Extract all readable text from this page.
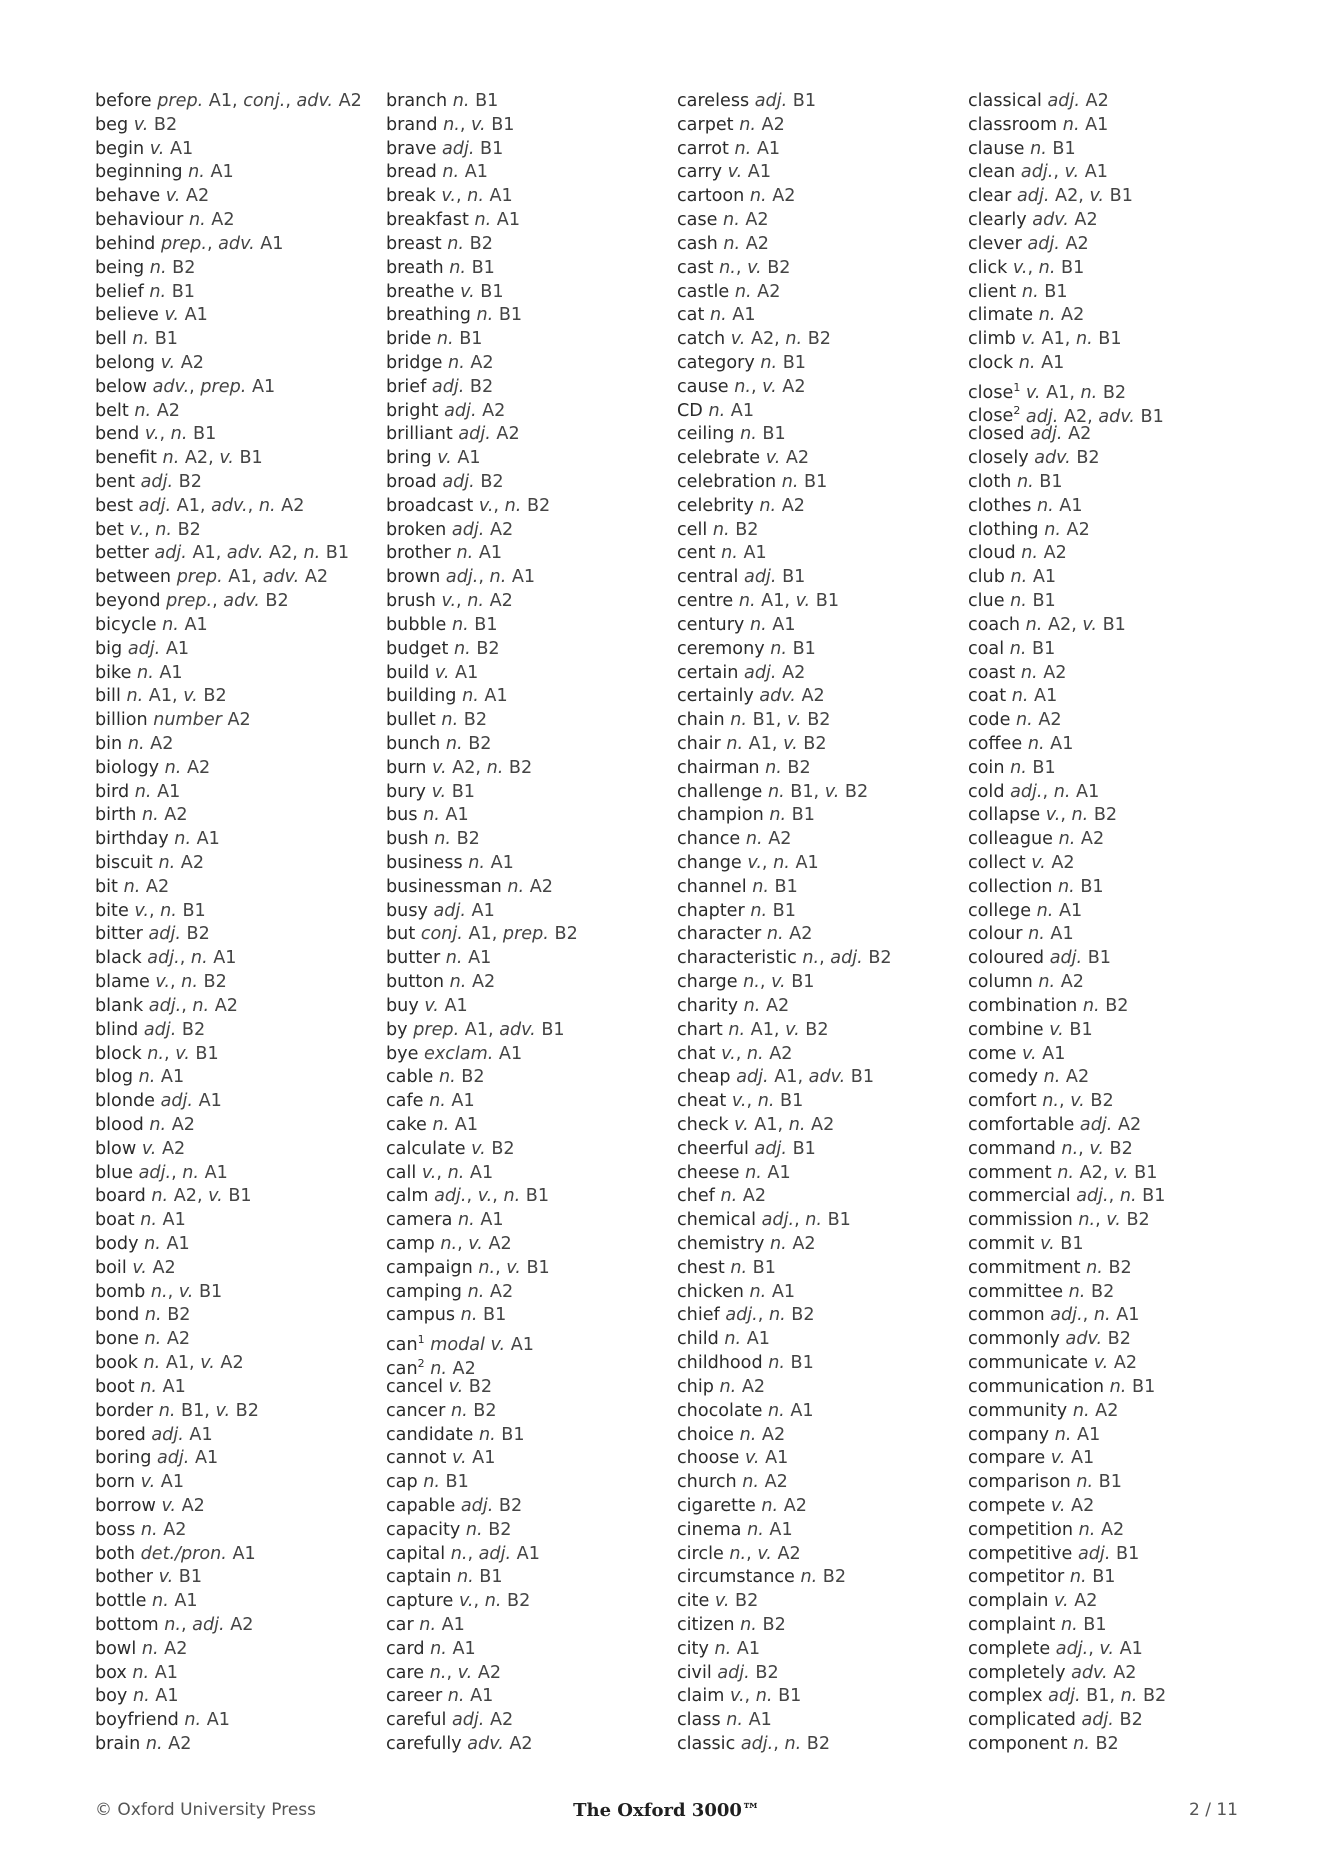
before prep. A1, conj., adv. A2
beg v. B2
begin v. A1
beginning n. A1
behave v. A2
behaviour n. A2
behind prep., adv. A1
being n. B2
belief n. B1
believe v. A1
bell n. B1
belong v. A2
below adv., prep. A1
belt n. A2
bend v., n. B1
benefit n. A2, v. B1
bent adj. B2
best adj. A1, adv., n. A2
bet v., n. B2
better adj. A1, adv. A2, n. B1
between prep. A1, adv. A2
beyond prep., adv. B2
bicycle n. A1
big adj. A1
bike n. A1
bill n. A1, v. B2
billion number A2
bin n. A2
biology n. A2
bird n. A1
birth n. A2
birthday n. A1
biscuit n. A2
bit n. A2
bite v., n. B1
bitter adj. B2
black adj., n. A1
blame v., n. B2
blank adj., n. A2
blind adj. B2
block n., v. B1
blog n. A1
blonde adj. A1
blood n. A2
blow v. A2
blue adj., n. A1
board n. A2, v. B1
boat n. A1
body n. A1
boil v. A2
bomb n., v. B1
bond n. B2
bone n. A2
book n. A1, v. A2
boot n. A1
border n. B1, v. B2
bored adj. A1
boring adj. A1
born v. A1
borrow v. A2
boss n. A2
both det./pron. A1
bother v. B1
bottle n. A1
bottom n., adj. A2
bowl n. A2
box n. A1
boy n. A1
boyfriend n. A1
brain n. A2
branch n. B1
brand n., v. B1
brave adj. B1
bread n. A1
break v., n. A1
breakfast n. A1
breast n. B2
breath n. B1
breathe v. B1
breathing n. B1
bride n. B1
bridge n. A2
brief adj. B2
bright adj. A2
brilliant adj. A2
bring v. A1
broad adj. B2
broadcast v., n. B2
broken adj. A2
brother n. A1
brown adj., n. A1
brush v., n. A2
bubble n. B1
budget n. B2
build v. A1
building n. A1
bullet n. B2
bunch n. B2
burn v. A2, n. B2
bury v. B1
bus n. A1
bush n. B2
business n. A1
businessman n. A2
busy adj. A1
but conj. A1, prep. B2
butter n. A1
button n. A2
buy v. A1
by prep. A1, adv. B1
bye exclam. A1
cable n. B2
cafe n. A1
cake n. A1
calculate v. B2
call v., n. A1
calm adj., v., n. B1
camera n. A1
camp n., v. A2
campaign n., v. B1
camping n. A2
campus n. B1
can$^1$ modal v. A1
can$^2$ n. A2
cancel v. B2
cancer n. B2
candidate n. B1
cannot v. A1
cap n. B1
capable adj. B2
capacity n. B2
capital n., adj. A1
captain n. B1
capture v., n. B2
car n. A1
card n. A1
care n., v. A2
career n. A1
careful adj. A2
carefully adv. A2
careless adj. B1
carpet n. A2
carrot n. A1
carry v. A1
cartoon n. A2
case n. A2
cash n. A2
cast n., v. B2
castle n. A2
cat n. A1
catch v. A2, n. B2
category n. B1
cause n., v. A2
CD n. A1
ceiling n. B1
celebrate v. A2
celebration n. B1
celebrity n. A2
cell n. B2
cent n. A1
central adj. B1
centre n. A1, v. B1
century n. A1
ceremony n. B1
certain adj. A2
certainly adv. A2
chain n. B1, v. B2
chair n. A1, v. B2
chairman n. B2
challenge n. B1, v. B2
champion n. B1
chance n. A2
change v., n. A1
channel n. B1
chapter n. B1
character n. A2
characteristic n., adj. B2
charge n., v. B1
charity n. A2
chart n. A1, v. B2
chat v., n. A2
cheap adj. A1, adv. B1
cheat v., n. B1
check v. A1, n. A2
cheerful adj. B1
cheese n. A1
chef n. A2
chemical adj., n. B1
chemistry n. A2
chest n. B1
chicken n. A1
chief adj., n. B2
child n. A1
childhood n. B1
chip n. A2
chocolate n. A1
choice n. A2
choose v. A1
church n. A2
cigarette n. A2
cinema n. A1
circle n., v. A2
circumstance n. B2
cite v. B2
citizen n. B2
city n. A1
civil adj. B2
claim v., n. B1
class n. A1
classic adj., n. B2
classical adj. A2
classroom n. A1
clause n. B1
clean adj., v. A1
clear adj. A2, v. B1
clearly adv. A2
clever adj. A2
click v., n. B1
client n. B1
climate n. A2
climb v. A1, n. B1
clock n. A1
close$^1$ v. A1, n. B2
close$^2$ adj. A2, adv. B1
closed adj. A2
closely adv. B2
cloth n. B1
clothes n. A1
clothing n. A2
cloud n. A2
club n. A1
clue n. B1
coach n. A2, v. B1
coal n. B1
coast n. A2
coat n. A1
code n. A2
coffee n. A1
coin n. B1
cold adj., n. A1
collapse v., n. B2
colleague n. A2
collect v. A2
collection n. B1
college n. A1
colour n. A1
coloured adj. B1
column n. A2
combination n. B2
combine v. B1
come v. A1
comedy n. A2
comfort n., v. B2
comfortable adj. A2
command n., v. B2
comment n. A2, v. B1
commercial adj., n. B1
commission n., v. B2
commit v. B1
commitment n. B2
committee n. B2
common adj., n. A1
commonly adv. B2
communicate v. A2
communication n. B1
community n. A2
company n. A1
compare v. A1
comparison n. B1
compete v. A2
competition n. A2
competitive adj. B1
competitor n. B1
complain v. A2
complaint n. B1
complete adj., v. A1
completely adv. A2
complex adj. B1, n. B2
complicated adj. B2
component n. B2
© Oxford University Press	The Oxford 3000™	2 / 11
